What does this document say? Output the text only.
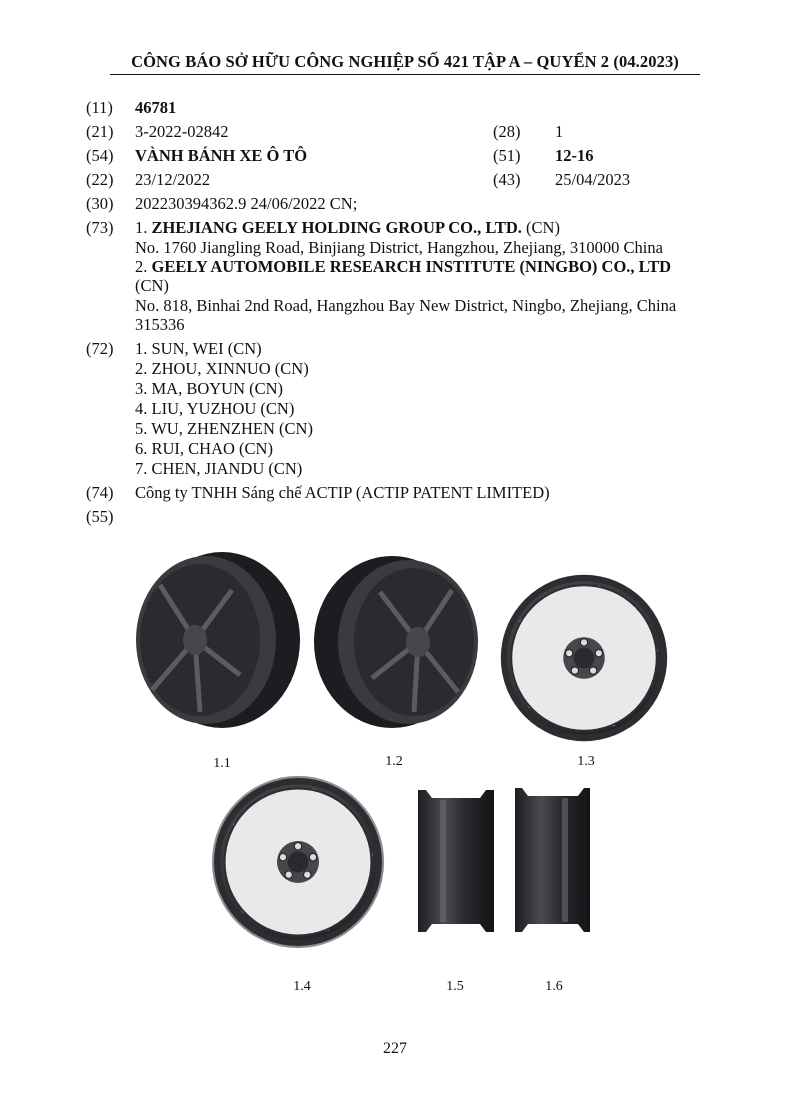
CÔNG BÁO SỞ HỮU CÔNG NGHIỆP SỐ 421 TẬP A – QUYỂN 2 (04.2023)
(11) 46781
(21) 3-2022-02842	(28) 1
(54) VÀNH BÁNH XE Ô TÔ	(51) 12-16
(22) 23/12/2022	(43) 25/04/2023
(30) 202230394362.9 24/06/2022 CN;
(73) 1. ZHEJIANG GEELY HOLDING GROUP CO., LTD. (CN)
No. 1760 Jiangling Road, Binjiang District, Hangzhou, Zhejiang, 310000 China
2. GEELY AUTOMOBILE RESEARCH INSTITUTE (NINGBO) CO., LTD
(CN)
No. 818, Binhai 2nd Road, Hangzhou Bay New District, Ningbo, Zhejiang, China
315336
(72) 1. SUN, WEI (CN)
2. ZHOU, XINNUO (CN)
3. MA, BOYUN (CN)
4. LIU, YUZHOU (CN)
5. WU, ZHENZHEN (CN)
6. RUI, CHAO (CN)
7. CHEN, JIANDU (CN)
(74) Công ty TNHH Sáng chế ACTIP (ACTIP PATENT LIMITED)
(55)
1.1	1.2	1.3
1.4	1.5	1.6
227
